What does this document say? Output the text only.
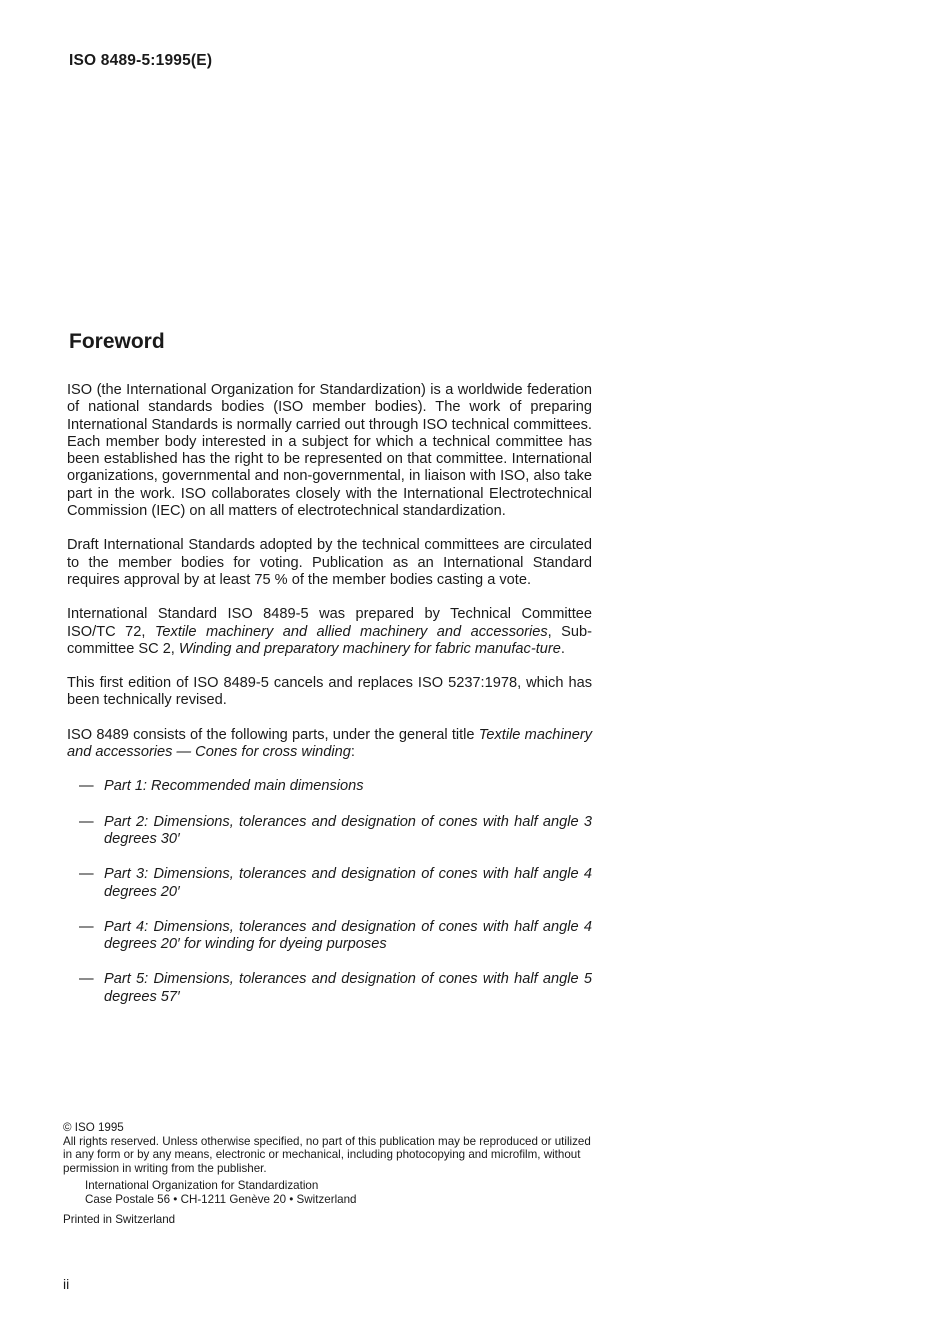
ISO 8489-5:1995(E)
Foreword

ISO (the International Organization for Standardization) is a worldwide federation of national standards bodies (ISO member bodies). The work of preparing International Standards is normally carried out through ISO technical committees. Each member body interested in a subject for which a technical committee has been established has the right to be represented on that committee. International organizations, governmental and non-governmental, in liaison with ISO, also take part in the work. ISO collaborates closely with the International Electrotechnical Commission (IEC) on all matters of electrotechnical standardization.

Draft International Standards adopted by the technical committees are circulated to the member bodies for voting. Publication as an International Standard requires approval by at least 75 % of the member bodies casting a vote.

International Standard ISO 8489-5 was prepared by Technical Committee ISO/TC 72, Textile machinery and allied machinery and accessories, Sub-committee SC 2, Winding and preparatory machinery for fabric manufac-ture.

This first edition of ISO 8489-5 cancels and replaces ISO 5237:1978, which has been technically revised.

ISO 8489 consists of the following parts, under the general title Textile machinery and accessories — Cones for cross winding:

— Part 1: Recommended main dimensions
— Part 2: Dimensions, tolerances and designation of cones with half angle 3 degrees 30′
— Part 3: Dimensions, tolerances and designation of cones with half angle 4 degrees 20′
— Part 4: Dimensions, tolerances and designation of cones with half angle 4 degrees 20′ for winding for dyeing purposes
— Part 5: Dimensions, tolerances and designation of cones with half angle 5 degrees 57′
© ISO 1995

All rights reserved. Unless otherwise specified, no part of this publication may be reproduced or utilized in any form or by any means, electronic or mechanical, including photocopying and microfilm, without permission in writing from the publisher.

International Organization for Standardization
Case Postale 56 • CH-1211 Genève 20 • Switzerland
Printed in Switzerland
ii
